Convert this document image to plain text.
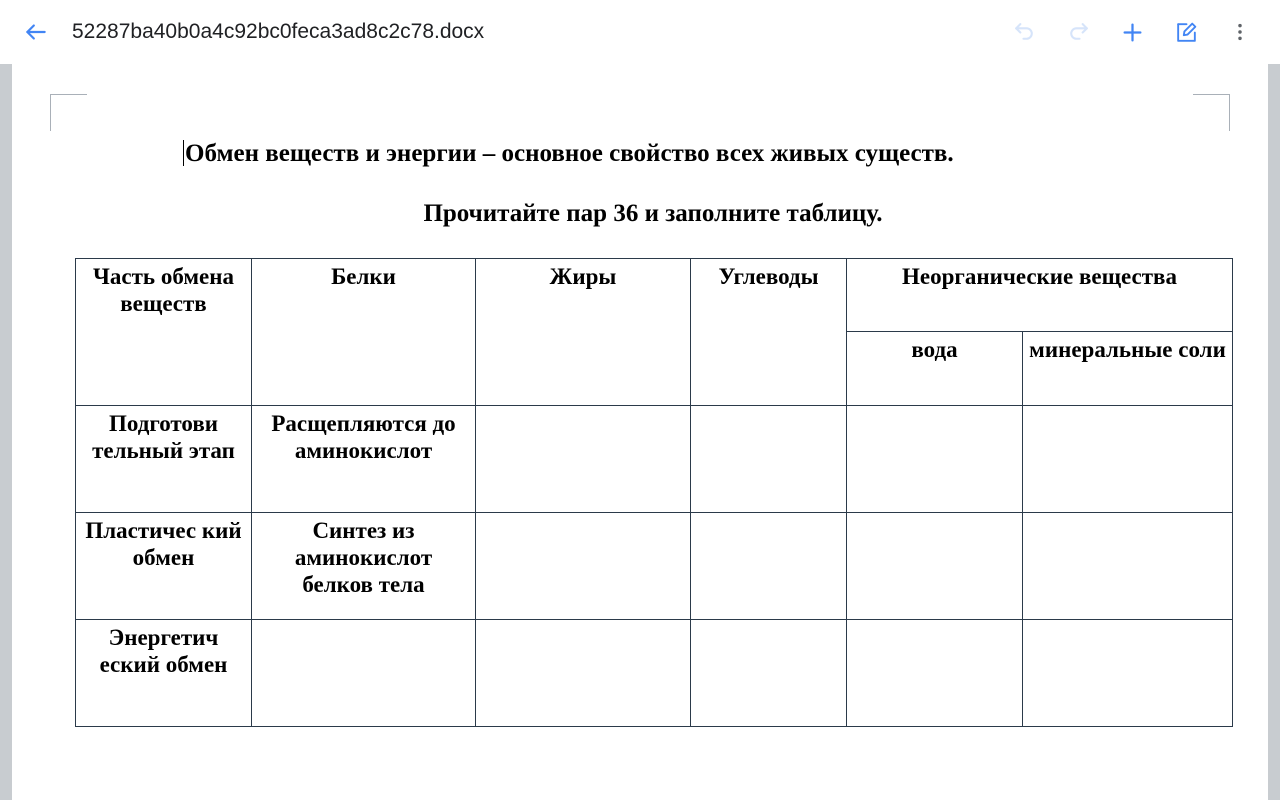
52287ba40b0a4c92bc0feca3ad8c2c78.docx

Обмен веществ и энергии – основное свойство всех живых существ.

Прочитайте пар 36 и заполните таблицу.

Часть обмена веществ	Белки	Жиры	Углеводы	Неорганические вещества	
				вода	минеральные соли
Подготови тельный этап	Расщепляются до аминокислот				
Пластичес кий обмен	Синтез из аминокислот белков тела				
Энергетич еский обмен					
